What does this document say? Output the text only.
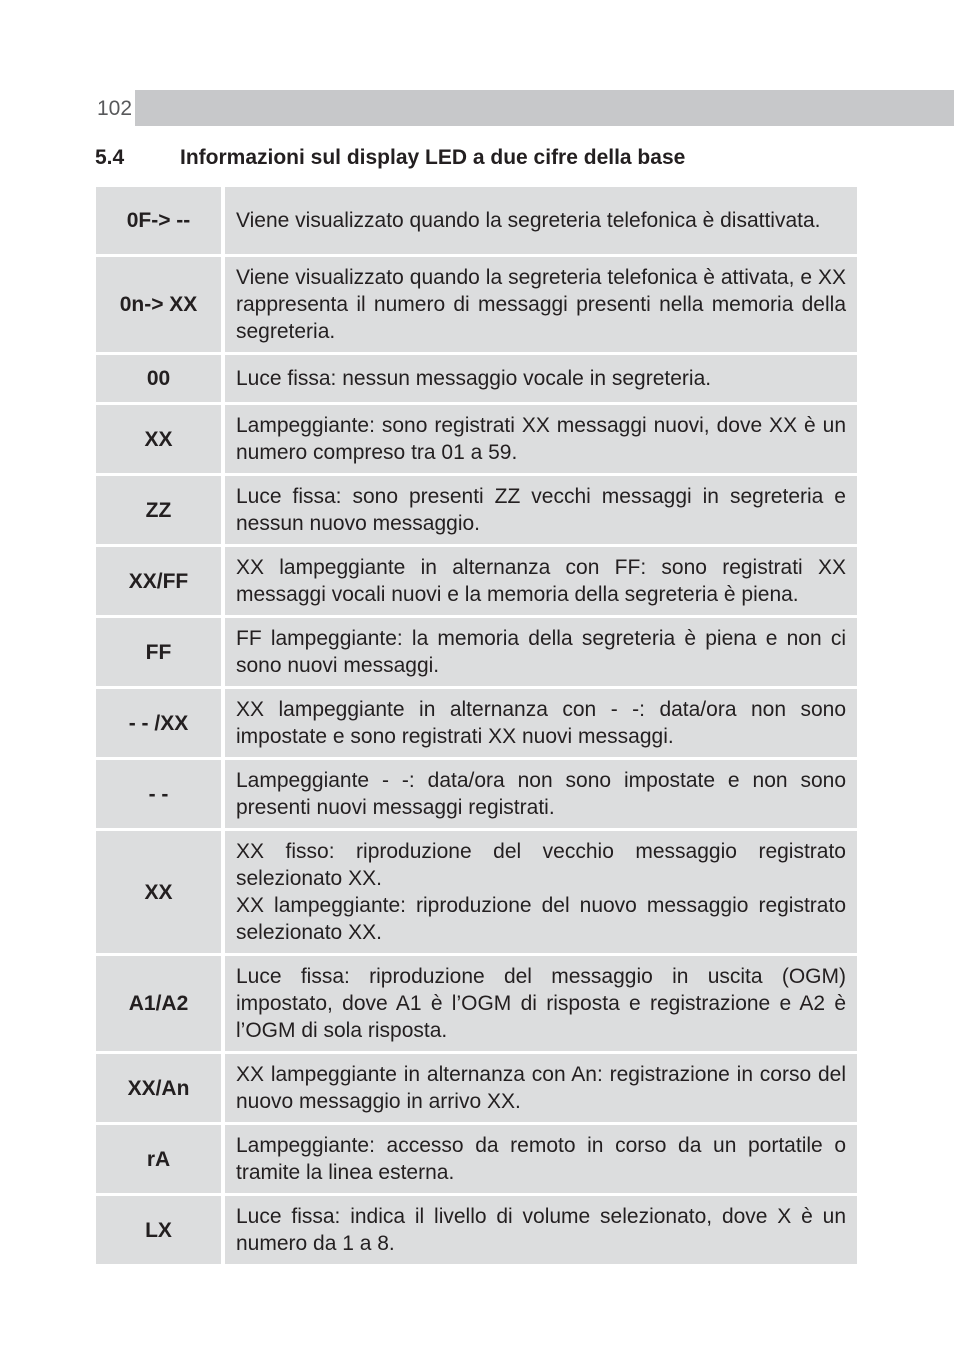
102
5.4	Informazioni sul display LED a due cifre della base
0F-> --	Viene visualizzato quando la segreteria telefonica è disattivata.

0n-> XX	Viene visualizzato quando la segreteria telefonica è attivata, e XX rappresenta il numero di messaggi presenti nella memoria della segreteria.

00	Luce fissa: nessun messaggio vocale in segreteria.

XX	Lampeggiante: sono registrati XX messaggi nuovi, dove XX è un numero compreso tra 01 a 59.

ZZ	Luce fissa: sono presenti ZZ vecchi messaggi in segreteria e nessun nuovo messaggio.

XX/FF	XX lampeggiante in alternanza con FF: sono registrati XX messaggi vocali nuovi e la memoria della segreteria è piena.

FF	FF lampeggiante: la memoria della segreteria è piena e non ci sono nuovi messaggi.

- - /XX	XX lampeggiante in alternanza con - -: data/ora non sono impostate e sono registrati XX nuovi messaggi.

- -	Lampeggiante - -: data/ora non sono impostate e non sono presenti nuovi messaggi registrati.

XX	XX fisso: riproduzione del vecchio messaggio registrato selezionato XX.
XX lampeggiante: riproduzione del nuovo messaggio registrato selezionato XX.

A1/A2	Luce fissa: riproduzione del messaggio in uscita (OGM) impostato, dove A1 è l’OGM di risposta e registrazione e A2 è l’OGM di sola risposta.

XX/An	XX lampeggiante in alternanza con An: registrazione in corso del nuovo messaggio in arrivo XX.

rA	Lampeggiante: accesso da remoto in corso da un portatile o tramite la linea esterna.

LX	Luce fissa: indica il livello di volume selezionato, dove X è un numero da 1 a 8.
